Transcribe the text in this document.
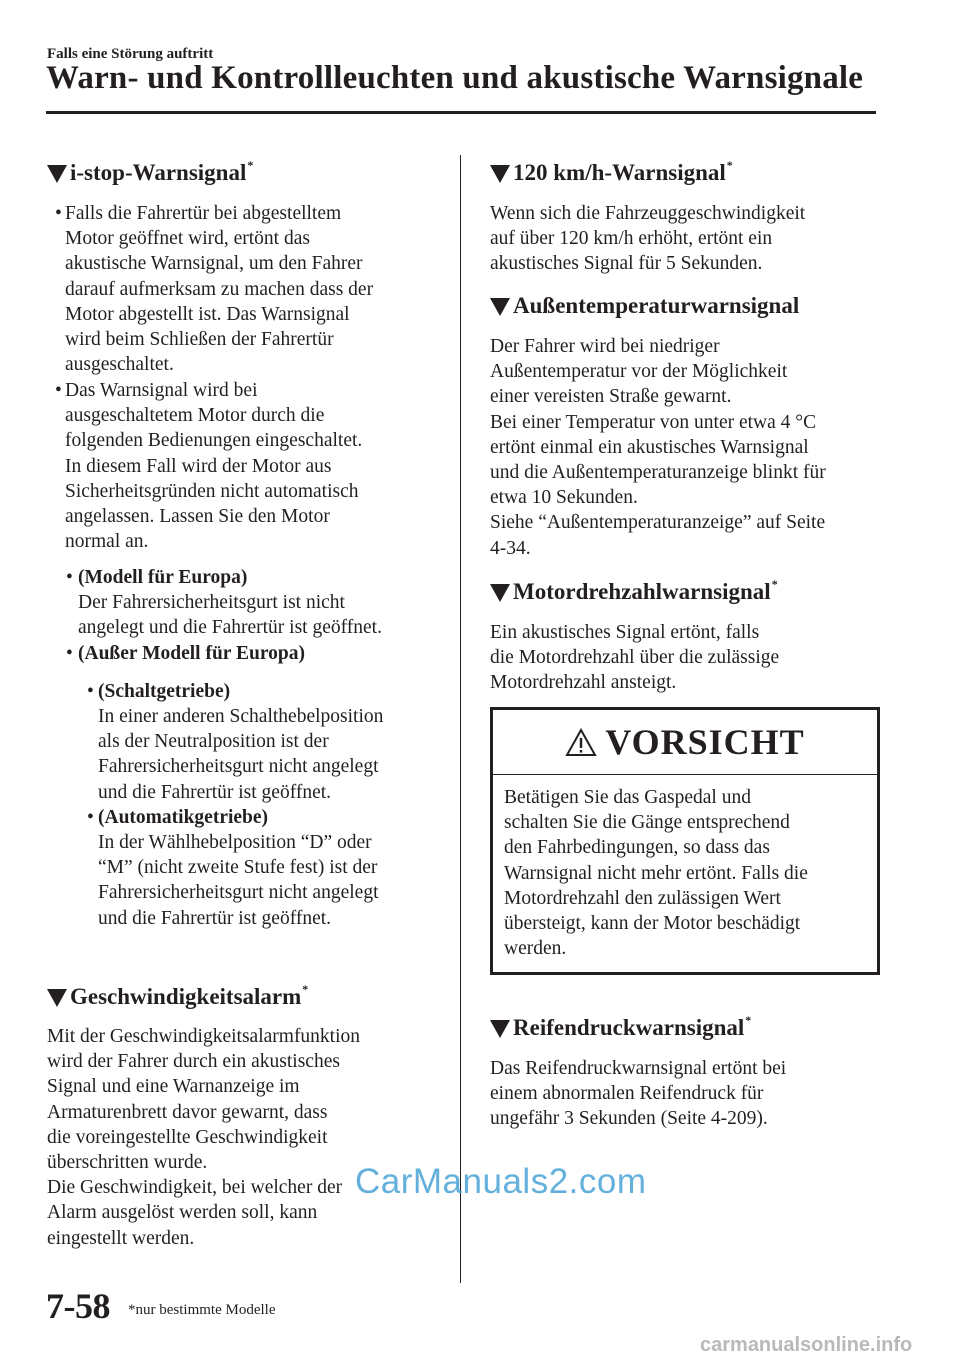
Falls eine Störung auftritt
Warn- und Kontrollleuchten und akustische Warnsignale
i-stop-Warnsignal *
• Falls die Fahrertür bei abgestelltem
Motor geöffnet wird, ertönt das
akustische Warnsignal, um den Fahrer
darauf aufmerksam zu machen dass der
Motor abgestellt ist. Das Warnsignal
wird beim Schließen der Fahrertür
ausgeschaltet.
• Das Warnsignal wird bei
ausgeschaltetem Motor durch die
folgenden Bedienungen eingeschaltet.
In diesem Fall wird der Motor aus
Sicherheitsgründen nicht automatisch
angelassen. Lassen Sie den Motor
normal an.
• (Modell für Europa)
Der Fahrersicherheitsgurt ist nicht
angelegt und die Fahrertür ist geöffnet.
• (Außer Modell für Europa)
• (Schaltgetriebe)
In einer anderen Schalthebelposition
als der Neutralposition ist der
Fahrersicherheitsgurt nicht angelegt
und die Fahrertür ist geöffnet.
• (Automatikgetriebe)
In der Wählhebelposition “D” oder
“M” (nicht zweite Stufe fest) ist der
Fahrersicherheitsgurt nicht angelegt
und die Fahrertür ist geöffnet.
Geschwindigkeitsalarm *
Mit der Geschwindigkeitsalarmfunktion
wird der Fahrer durch ein akustisches
Signal und eine Warnanzeige im
Armaturenbrett davor gewarnt, dass
die voreingestellte Geschwindigkeit
überschritten wurde.
Die Geschwindigkeit, bei welcher der
Alarm ausgelöst werden soll, kann
eingestellt werden.
120 km/h-Warnsignal *
Wenn sich die Fahrzeuggeschwindigkeit
auf über 120 km/h erhöht, ertönt ein
akustisches Signal für 5 Sekunden.
Außentemperaturwarnsignal
Der Fahrer wird bei niedriger
Außentemperatur vor der Möglichkeit
einer vereisten Straße gewarnt.
Bei einer Temperatur von unter etwa 4 °C
ertönt einmal ein akustisches Warnsignal
und die Außentemperaturanzeige blinkt für
etwa 10 Sekunden.
Siehe “Außentemperaturanzeige” auf Seite
4-34.
Motordrehzahlwarnsignal *
Ein akustisches Signal ertönt, falls
die Motordrehzahl über die zulässige
Motordrehzahl ansteigt.
VORSICHT
Betätigen Sie das Gaspedal und
schalten Sie die Gänge entsprechend
den Fahrbedingungen, so dass das
Warnsignal nicht mehr ertönt. Falls die
Motordrehzahl den zulässigen Wert
übersteigt, kann der Motor beschädigt
werden.
Reifendruckwarnsignal *
Das Reifendruckwarnsignal ertönt bei
einem abnormalen Reifendruck für
ungefähr 3 Sekunden (Seite 4-209).
7-58 *nur bestimmte Modelle
CarManuals2.com
carmanualsonline.info
